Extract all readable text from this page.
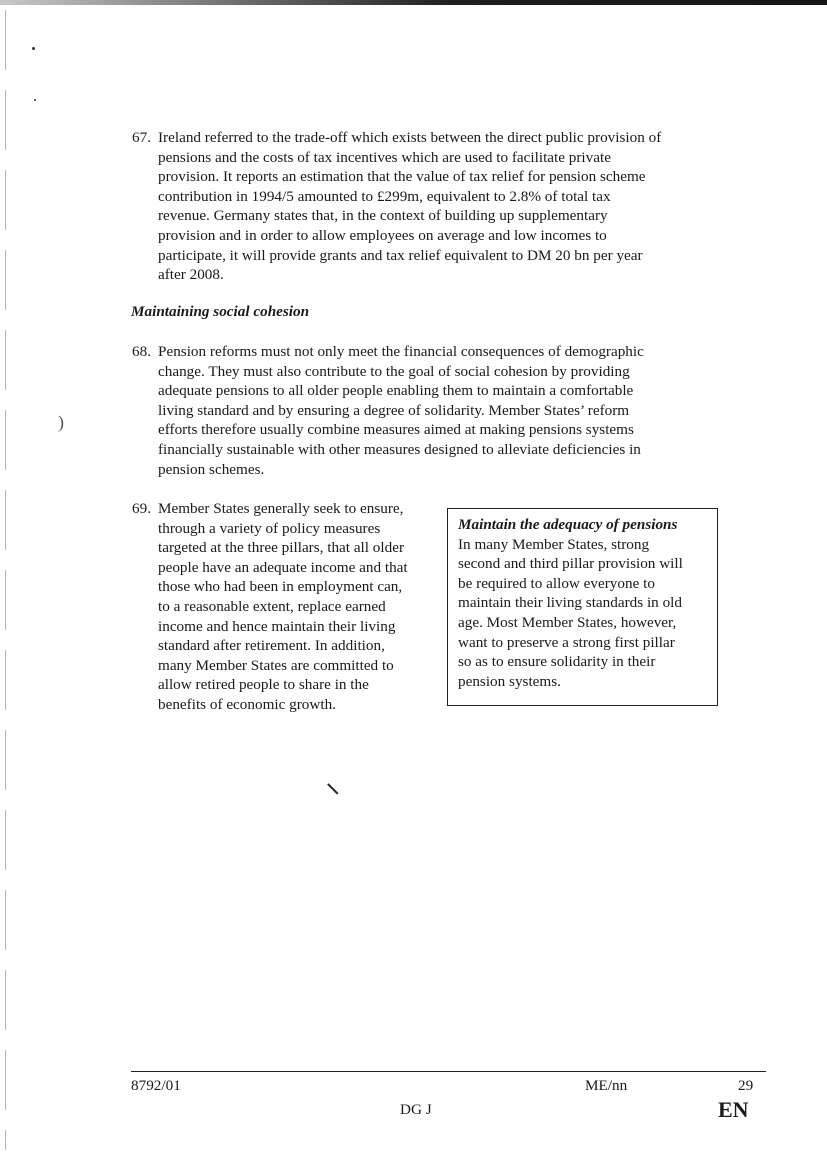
)
67. Ireland referred to the trade-off which exists between the direct public provision of
pensions and the costs of tax incentives which are used to facilitate private
provision. It reports an estimation that the value of tax relief for pension scheme
contribution in 1994/5 amounted to £299m, equivalent to 2.8% of total tax
revenue. Germany states that, in the context of building up supplementary
provision and in order to allow employees on average and low incomes to
participate, it will provide grants and tax relief equivalent to DM 20 bn per year
after 2008.
Maintaining social cohesion
68. Pension reforms must not only meet the financial consequences of demographic
change. They must also contribute to the goal of social cohesion by providing
adequate pensions to all older people enabling them to maintain a comfortable
living standard and by ensuring a degree of solidarity. Member States’ reform
efforts therefore usually combine measures aimed at making pensions systems
financially sustainable with other measures designed to alleviate deficiencies in
pension schemes.
69. Member States generally seek to ensure,
through a variety of policy measures
targeted at the three pillars, that all older
people have an adequate income and that
those who had been in employment can,
to a reasonable extent, replace earned
income and hence maintain their living
standard after retirement. In addition,
many Member States are committed to
allow retired people to share in the
benefits of economic growth.
Maintain the adequacy of pensions
In many Member States, strong
second and third pillar provision will
be required to allow everyone to
maintain their living standards in old
age. Most Member States, however,
want to preserve a strong first pillar
so as to ensure solidarity in their
pension systems.
8792/01	ME/nn	29
DG J	EN
